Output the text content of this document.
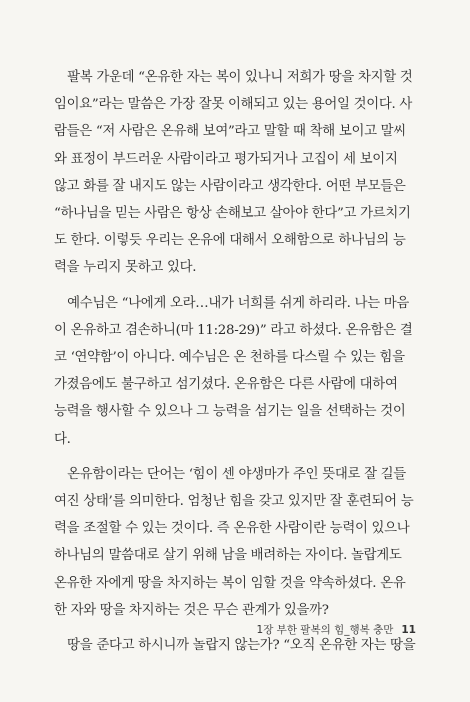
　팔복 가운데 “온유한 자는 복이 있나니 저희가 땅을 차지할 것
임이요”라는 말씀은 가장 잘못 이해되고 있는 용어일 것이다. 사
람들은 “저 사람은 온유해 보여”라고 말할 때 착해 보이고 말씨
와 표정이 부드러운 사람이라고 평가되거나 고집이 세 보이지
않고 화를 잘 내지도 않는 사람이라고 생각한다. 어떤 부모들은
“하나님을 믿는 사람은 항상 손해보고 살아야 한다”고 가르치기
도 한다. 이렇듯 우리는 온유에 대해서 오해함으로 하나님의 능
력을 누리지 못하고 있다.
　예수님은 “나에게 오라…내가 너희를 쉬게 하리라. 나는 마음
이 온유하고 겸손하니(마 11:28-29)” 라고 하셨다. 온유함은 결
코 ‘연약함’이 아니다. 예수님은 온 천하를 다스릴 수 있는 힘을
가졌음에도 불구하고 섬기셨다. 온유함은 다른 사람에 대하여
능력을 행사할 수 있으나 그 능력을 섬기는 일을 선택하는 것이
다.
　온유함이라는 단어는 ‘힘이 센 야생마가 주인 뜻대로 잘 길들
여진 상태’를 의미한다. 엄청난 힘을 갖고 있지만 잘 훈련되어 능
력을 조절할 수 있는 것이다. 즉 온유한 사람이란 능력이 있으나
하나님의 말씀대로 살기 위해 남을 배려하는 자이다. 놀랍게도
온유한 자에게 땅을 차지하는 복이 임할 것을 약속하셨다. 온유
한 자와 땅을 차지하는 것은 무슨 관계가 있을까?
　땅을 준다고 하시니까 놀랍지 않는가? “오직 온유한 자는 땅을
1장 부한 팔복의 힘_행복 충만 11
